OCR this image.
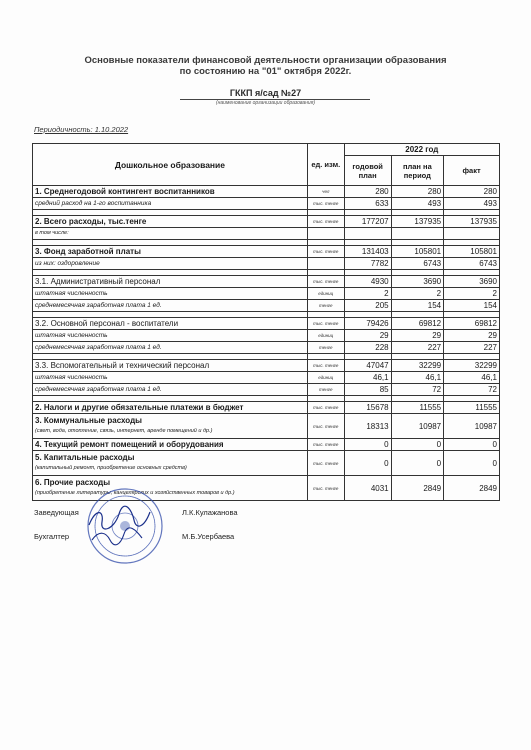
Основные показатели финансовой деятельности организации образования
по состоянию на "01" октября 2022г.
ГККП я/сад №27
(наименование организации образования)
Периодичность: 1.10.2022
Дошкольное образование	ед. изм.	2022 год		
		годовой план	план на период	факт
1. Среднегодовой контингент воспитанников	чел	280	280	280
средний расход на 1-го воспитанника	тыс. тенге	633	493	493

2. Всего расходы, тыс.тенге	тыс. тенге	177207	137935	137935
в том числе:				

3. Фонд заработной платы	тыс. тенге	131403	105801	105801
из них: оздоровление		7782	6743	6743

3.1. Административный персонал	тыс. тенге	4930	3690	3690
штатная численность	единиц	2	2	2
среднемесячная заработная плата 1 ед.	тенге	205	154	154

3.2. Основной персонал - воспитатели	тыс. тенге	79426	69812	69812
штатная численность	единиц	29	29	29
среднемесячная заработная плата 1 ед.	тенге	228	227	227

3.3. Вспомогательный и технический персонал	тыс. тенге	47047	32299	32299
штатная численность	единиц	46,1	46,1	46,1
среднемесячная заработная плата 1 ед.	тенге	85	72	72

2. Налоги и другие обязательные платежи в бюджет	тыс. тенге	15678	11555	11555
3. Коммунальные расходы
(свет, вода, отопление, связь, интернет, аренде помещений и др.)	тыс. тенге	18313	10987	10987
4. Текущий ремонт помещений и оборудования	тыс. тенге	0	0	0
5. Капитальные расходы
(капитальный ремонт, приобретение основных средств)	тыс. тенге	0	0	0
6. Прочие расходы
(приобретение литературы, канцелярских и хозяйственных товаров и др.)	тыс. тенге	4031	2849	2849
Заведующая	Л.К.Кулажанова
Бухгалтер	М.Б.Усербаева
